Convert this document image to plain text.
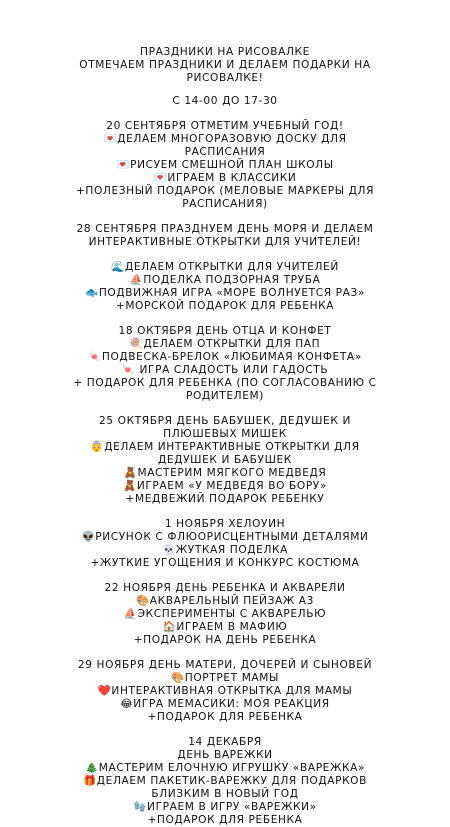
ПРАЗДНИКИ НА РИСОВАЛКЕ
ОТМЕЧАЕМ ПРАЗДНИКИ И ДЕЛАЕМ ПОДАРКИ НА
РИСОВАЛКЕ!
С 14-00 ДО 17-30
20 СЕНТЯБРЯ ОТМЕТИМ УЧЕБНЫЙ ГОД!
💌ДЕЛАЕМ МНОГОРАЗОВУЮ ДОСКУ ДЛЯ
РАСПИСАНИЯ
💌РИСУЕМ СМЕШНОЙ ПЛАН ШКОЛЫ
💌ИГРАЕМ В КЛАССИКИ
+ПОЛЕЗНЫЙ ПОДАРОК (МЕЛОВЫЕ МАРКЕРЫ ДЛЯ
РАСПИСАНИЯ)
28 СЕНТЯБРЯ ПРАЗДНУЕМ ДЕНЬ МОРЯ И ДЕЛАЕМ
ИНТЕРАКТИВНЫЕ ОТКРЫТКИ ДЛЯ УЧИТЕЛЕЙ!
🌊ДЕЛАЕМ ОТКРЫТКИ ДЛЯ УЧИТЕЛЕЙ
⛵ПОДЕЛКА ПОДЗОРНАЯ ТРУБА
🐟ПОДВИЖНАЯ ИГРА «МОРЕ ВОЛНУЕТСЯ РАЗ»
+МОРСКОЙ ПОДАРОК ДЛЯ РЕБЕНКА
18 ОКТЯБРЯ ДЕНЬ ОТЦА И КОНФЕТ
🍭ДЕЛАЕМ ОТКРЫТКИ ДЛЯ ПАП
🍬ПОДВЕСКА-БРЕЛОК «ЛЮБИМАЯ КОНФЕТА»
🍬 ИГРА СЛАДОСТЬ ИЛИ ГАДОСТЬ
+ ПОДАРОК ДЛЯ РЕБЕНКА (ПО СОГЛАСОВАНИЮ С
РОДИТЕЛЕМ)
25 ОКТЯБРЯ ДЕНЬ БАБУШЕК, ДЕДУШЕК И
ПЛЮШЕВЫХ МИШЕК
👵ДЕЛАЕМ ИНТЕРАКТИВНЫЕ ОТКРЫТКИ ДЛЯ
ДЕДУШЕК И БАБУШЕК
🧸МАСТЕРИМ МЯГКОГО МЕДВЕДЯ
🧸ИГРАЕМ «У МЕДВЕДЯ ВО БОРУ»
+МЕДВЕЖИЙ ПОДАРОК РЕБЕНКУ
1 НОЯБРЯ ХЕЛОУИН
👽РИСУНОК С ФЛЮОРИСЦЕНТНЫМИ ДЕТАЛЯМИ
💀ЖУТКАЯ ПОДЕЛКА
+ЖУТКИЕ УГОЩЕНИЯ И КОНКУРС КОСТЮМА
22 НОЯБРЯ ДЕНЬ РЕБЕНКА И АКВАРЕЛИ
🎨АКВАРЕЛЬНЫЙ ПЕЙЗАЖ А3
⛵ЭКСПЕРИМЕНТЫ С АКВАРЕЛЬЮ
🏠ИГРАЕМ В МАФИЮ
+ПОДАРОК НА ДЕНЬ РЕБЕНКА
29 НОЯБРЯ ДЕНЬ МАТЕРИ, ДОЧЕРЕЙ И СЫНОВЕЙ
🎨ПОРТРЕТ МАМЫ
❤️ИНТЕРАКТИВНАЯ ОТКРЫТКА ДЛЯ МАМЫ
😂ИГРА МЕМАСИКИ: МОЯ РЕАКЦИЯ
+ПОДАРОК ДЛЯ РЕБЕНКА
14 ДЕКАБРЯ
ДЕНЬ ВАРЕЖКИ
🎄МАСТЕРИМ ЕЛОЧНУЮ ИГРУШКУ «ВАРЕЖКА»
🎁ДЕЛАЕМ ПАКЕТИК-ВАРЕЖКУ ДЛЯ ПОДАРКОВ
БЛИЗКИМ В НОВЫЙ ГОД
🧤ИГРАЕМ В ИГРУ «ВАРЕЖКИ»
+ПОДАРОК ДЛЯ РЕБЕНКА
